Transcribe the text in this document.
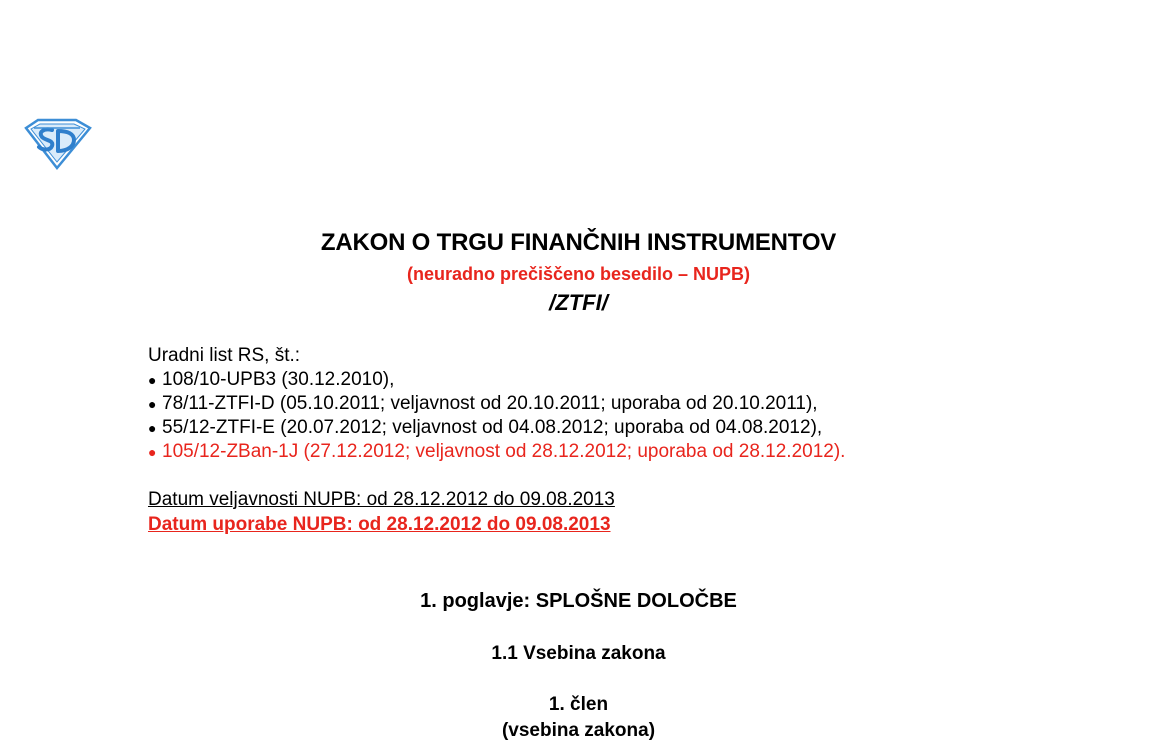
ZAKON O TRGU FINANČNIH INSTRUMENTOV
(neuradno prečiščeno besedilo – NUPB)
/ZTFI/
Uradni list RS, št.:
● 108/10-UPB3 (30.12.2010),
● 78/11-ZTFI-D (05.10.2011; veljavnost od 20.10.2011; uporaba od 20.10.2011),
● 55/12-ZTFI-E (20.07.2012; veljavnost od 04.08.2012; uporaba od 04.08.2012),
● 105/12-ZBan-1J (27.12.2012; veljavnost od 28.12.2012; uporaba od 28.12.2012).
Datum veljavnosti NUPB: od 28.12.2012 do 09.08.2013
Datum uporabe NUPB: od 28.12.2012 do 09.08.2013
1. poglavje: SPLOŠNE DOLOČBE
1.1 Vsebina zakona
1. člen
(vsebina zakona)
